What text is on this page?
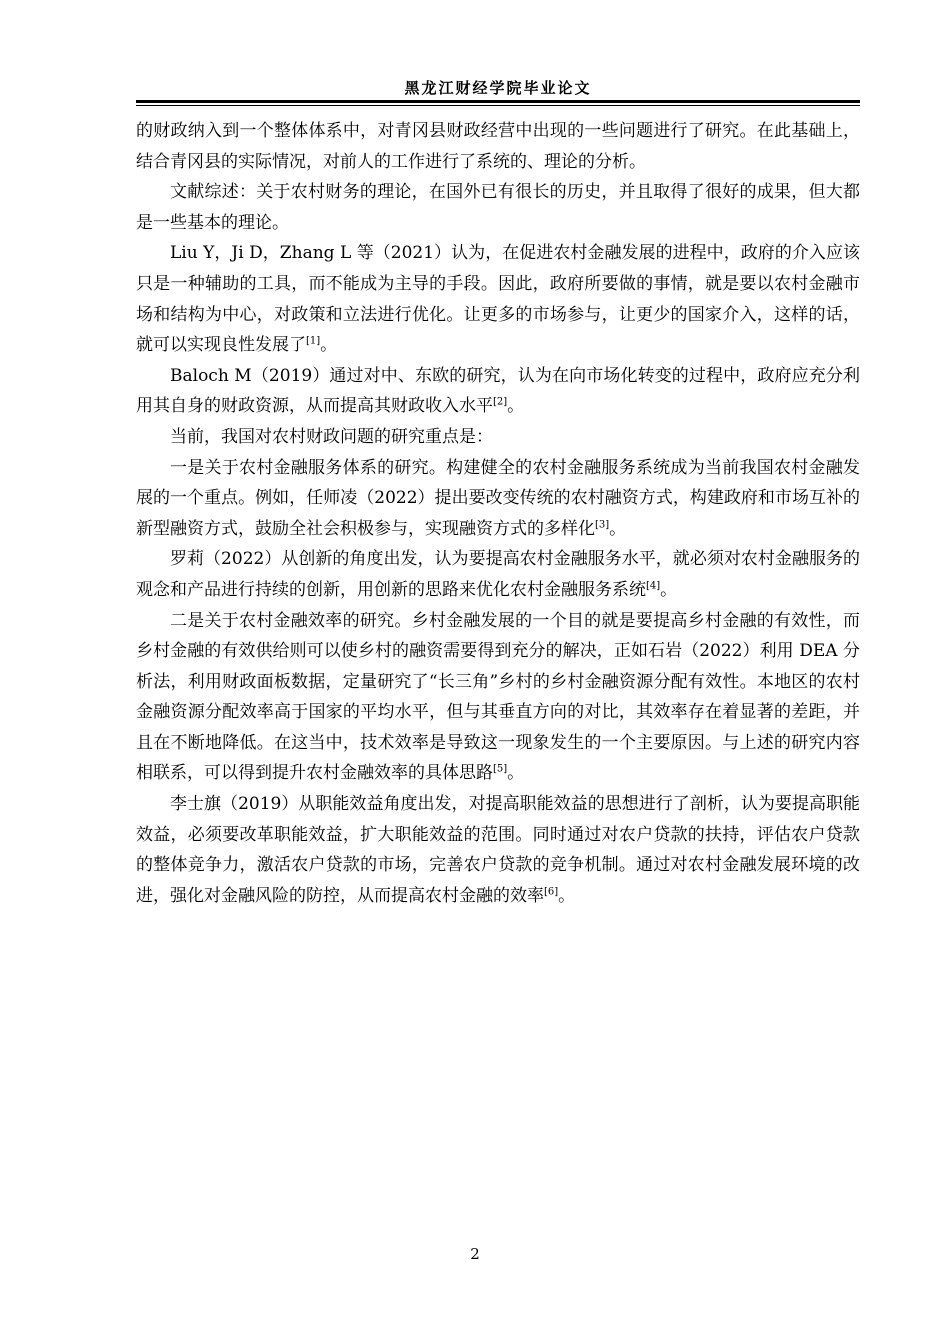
黑龙江财经学院毕业论文

的财政纳入到一个整体体系中，对青冈县财政经营中出现的一些问题进行了研究。在此基础上，结合青冈县的实际情况，对前人的工作进行了系统的、理论的分析。

文献综述：关于农村财务的理论，在国外已有很长的历史，并且取得了很好的成果，但大都是一些基本的理论。

Liu Y，Ji D，Zhang L 等（2021）认为，在促进农村金融发展的进程中，政府的介入应该只是一种辅助的工具，而不能成为主导的手段。因此，政府所要做的事情，就是要以农村金融市场和结构为中心，对政策和立法进行优化。让更多的市场参与，让更少的国家介入，这样的话，就可以实现良性发展了[1]。

Baloch M（2019）通过对中、东欧的研究，认为在向市场化转变的过程中，政府应充分利用其自身的财政资源，从而提高其财政收入水平[2]。

当前，我国对农村财政问题的研究重点是：

一是关于农村金融服务体系的研究。构建健全的农村金融服务系统成为当前我国农村金融发展的一个重点。例如，任师凌（2022）提出要改变传统的农村融资方式，构建政府和市场互补的新型融资方式，鼓励全社会积极参与，实现融资方式的多样化[3]。

罗莉（2022）从创新的角度出发，认为要提高农村金融服务水平，就必须对农村金融服务的观念和产品进行持续的创新，用创新的思路来优化农村金融服务系统[4]。

二是关于农村金融效率的研究。乡村金融发展的一个目的就是要提高乡村金融的有效性，而乡村金融的有效供给则可以使乡村的融资需要得到充分的解决，正如石岩（2022）利用 DEA 分析法，利用财政面板数据，定量研究了“长三角”乡村的乡村金融资源分配有效性。本地区的农村金融资源分配效率高于国家的平均水平，但与其垂直方向的对比，其效率存在着显著的差距，并且在不断地降低。在这当中，技术效率是导致这一现象发生的一个主要原因。与上述的研究内容相联系，可以得到提升农村金融效率的具体思路[5]。

李士旗（2019）从职能效益角度出发，对提高职能效益的思想进行了剖析，认为要提高职能效益，必须要改革职能效益，扩大职能效益的范围。同时通过对农户贷款的扶持，评估农户贷款的整体竞争力，激活农户贷款的市场，完善农户贷款的竞争机制。通过对农村金融发展环境的改进，强化对金融风险的防控，从而提高农村金融的效率[6]。

2
